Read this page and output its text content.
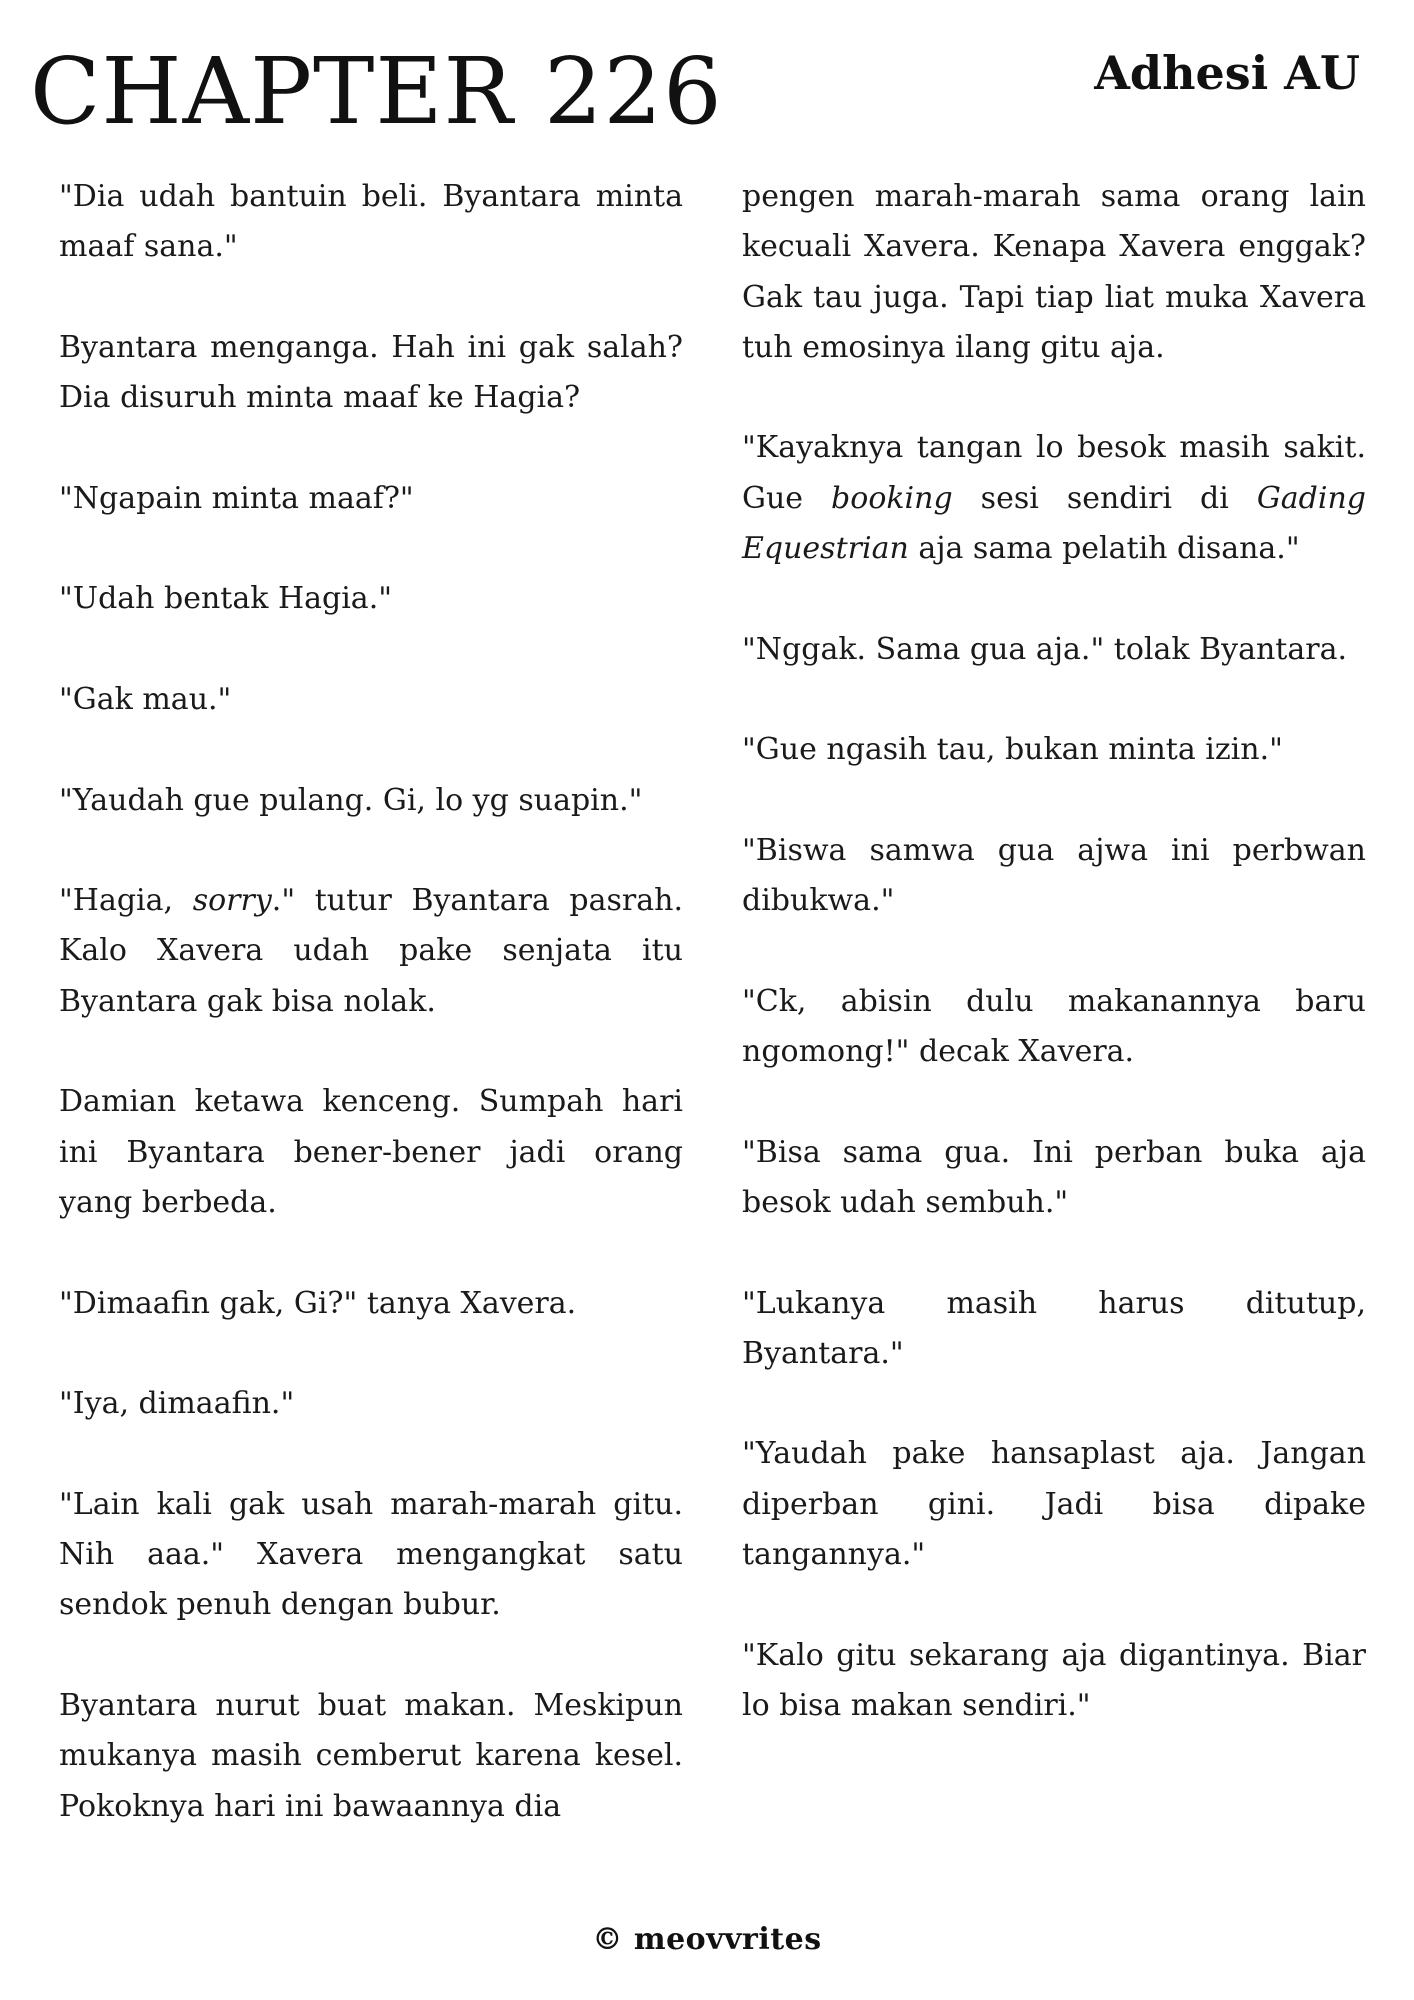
CHAPTER 226	Adhesi AU

"Dia udah bantuin beli. Byantara minta maaf sana."

Byantara menganga. Hah ini gak salah? Dia disuruh minta maaf ke Hagia?

"Ngapain minta maaf?"

"Udah bentak Hagia."

"Gak mau."

"Yaudah gue pulang. Gi, lo yg suapin."

"Hagia, sorry." tutur Byantara pasrah. Kalo Xavera udah pake senjata itu Byantara gak bisa nolak.

Damian ketawa kenceng. Sumpah hari ini Byantara bener-bener jadi orang yang berbeda.

"Dimaafin gak, Gi?" tanya Xavera.

"Iya, dimaafin."

"Lain kali gak usah marah-marah gitu. Nih aaa." Xavera mengangkat satu sendok penuh dengan bubur.

Byantara nurut buat makan. Meskipun mukanya masih cemberut karena kesel. Pokoknya hari ini bawaannya dia

pengen marah-marah sama orang lain kecuali Xavera. Kenapa Xavera enggak? Gak tau juga. Tapi tiap liat muka Xavera tuh emosinya ilang gitu aja.

"Kayaknya tangan lo besok masih sakit. Gue booking sesi sendiri di Gading Equestrian aja sama pelatih disana."

"Nggak. Sama gua aja." tolak Byantara.

"Gue ngasih tau, bukan minta izin."

"Biswa samwa gua ajwa ini perbwan dibukwa."

"Ck, abisin dulu makanannya baru ngomong!" decak Xavera.

"Bisa sama gua. Ini perban buka aja besok udah sembuh."

"Lukanya masih harus ditutup, Byantara."

"Yaudah pake hansaplast aja. Jangan diperban gini. Jadi bisa dipake tangannya."

"Kalo gitu sekarang aja digantinya. Biar lo bisa makan sendiri."

© meovvrites
